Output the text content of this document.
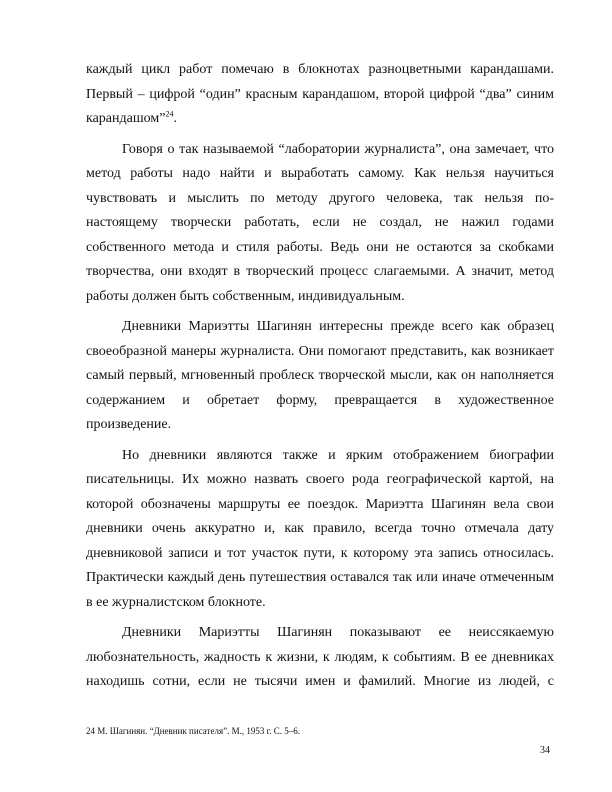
каждый цикл работ помечаю в блокнотах разноцветными карандашами.
Первый – цифрой “один” красным карандашом, второй цифрой “два” синим
карандашом”$^{24}$.

Говоря о так называемой “лаборатории журналиста”, она замечает, что
метод работы надо найти и выработать самому. Как нельзя научиться
чувствовать и мыслить по методу другого человека, так нельзя по-
настоящему творчески работать, если не создал, не нажил годами
собственного метода и стиля работы. Ведь они не остаются за скобками
творчества, они входят в творческий процесс слагаемыми. А значит, метод
работы должен быть собственным, индивидуальным.

Дневники Мариэтты Шагинян интересны прежде всего как образец
своеобразной манеры журналиста. Они помогают представить, как возникает
самый первый, мгновенный проблеск творческой мысли, как он наполняется
содержанием и обретает форму, превращается в художественное
произведение.

Но дневники являются также и ярким отображением биографии
писательницы. Их можно назвать своего рода географической картой, на
которой обозначены маршруты ее поездок. Мариэтта Шагинян вела свои
дневники очень аккуратно и, как правило, всегда точно отмечала дату
дневниковой записи и тот участок пути, к которому эта запись относилась.
Практически каждый день путешествия оставался так или иначе отмеченным
в ее журналистском блокноте.

Дневники Мариэтты Шагинян показывают ее неиссякаемую
любознательность, жадность к жизни, к людям, к событиям. В ее дневниках
находишь сотни, если не тысячи имен и фамилий. Многие из людей, с

24 М. Шагинян. “Дневник писателя”. М., 1953 г. С. 5–6.
34
